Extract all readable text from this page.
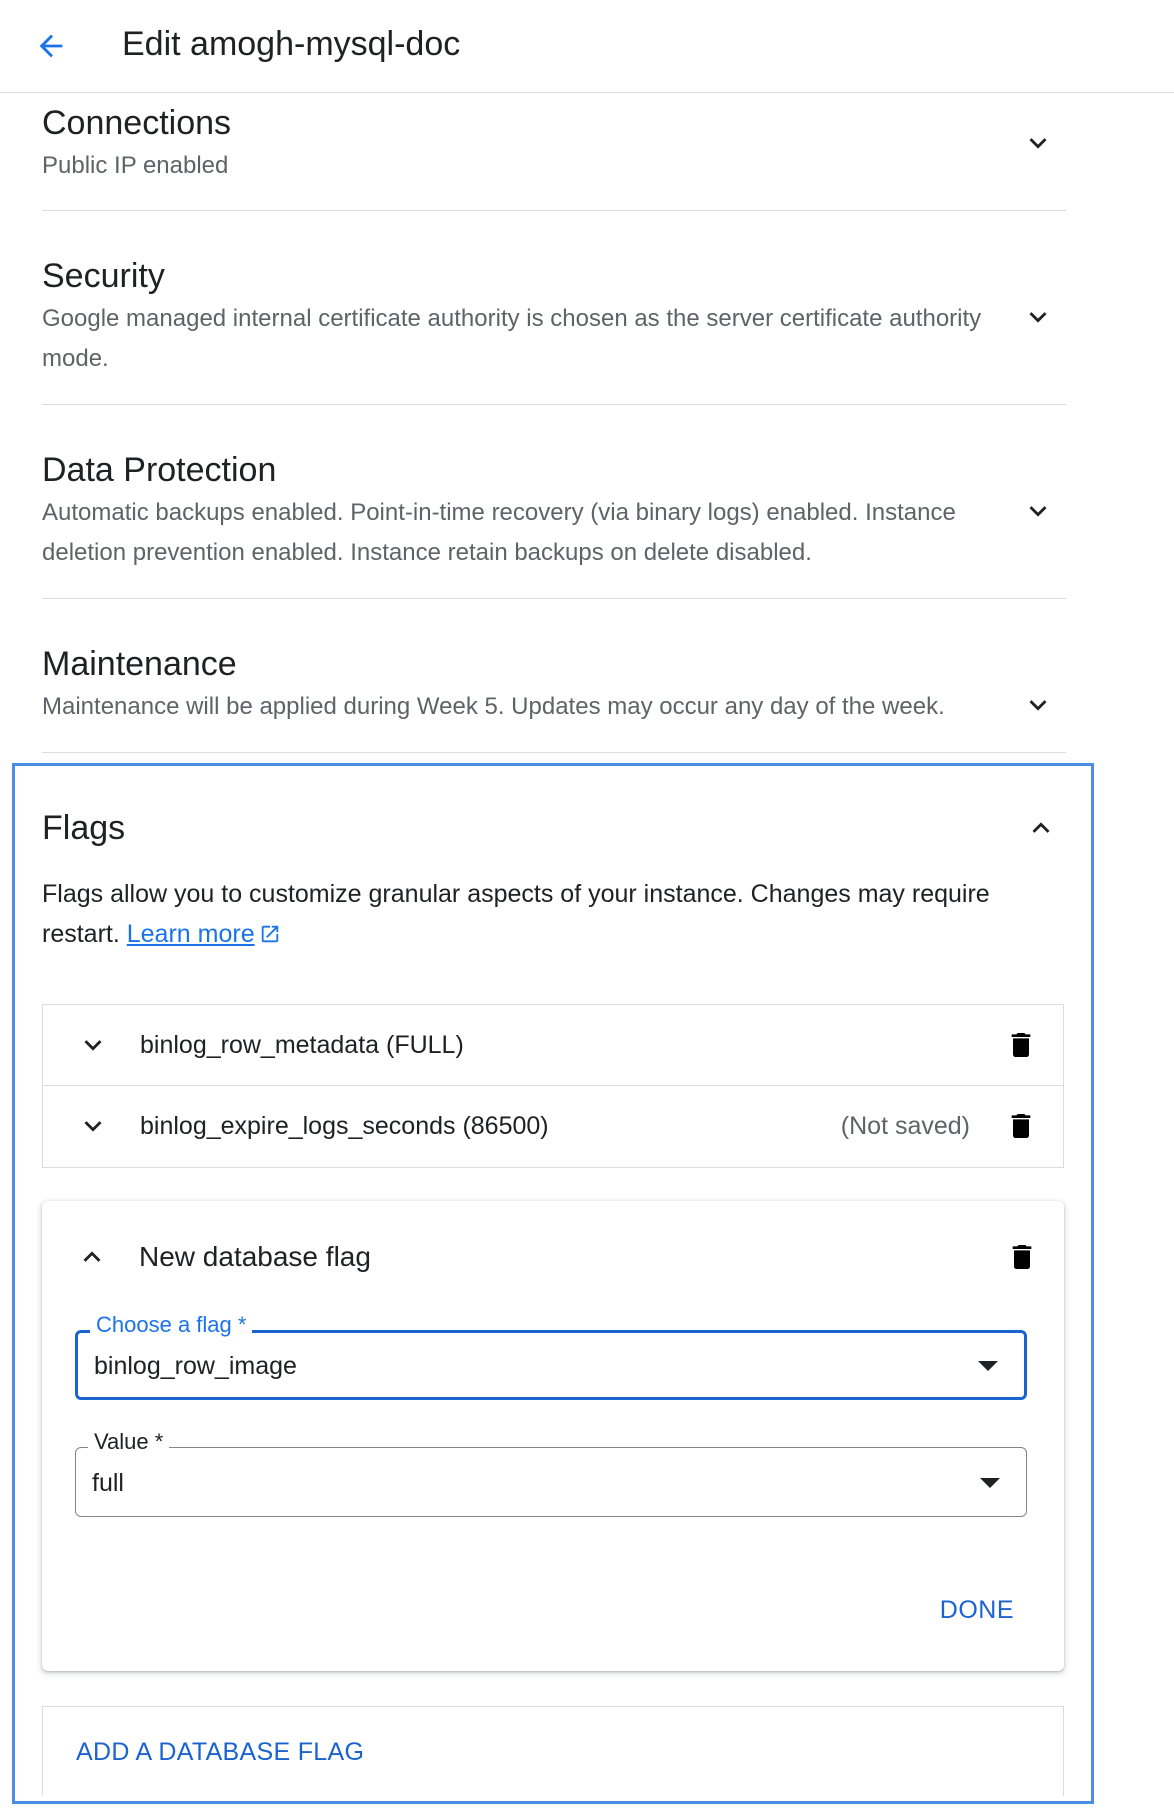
Edit amogh-mysql-doc
Connections
Public IP enabled
Security
Google managed internal certificate authority is chosen as the server certificate authority mode.
Data Protection
Automatic backups enabled. Point-in-time recovery (via binary logs) enabled. Instance deletion prevention enabled. Instance retain backups on delete disabled.
Maintenance
Maintenance will be applied during Week 5. Updates may occur any day of the week.
Flags
Flags allow you to customize granular aspects of your instance. Changes may require restart. Learn more
binlog_row_metadata (FULL)
binlog_expire_logs_seconds (86500)	(Not saved)
New database flag
Choose a flag *
binlog_row_image
Value *
full
DONE
ADD A DATABASE FLAG
